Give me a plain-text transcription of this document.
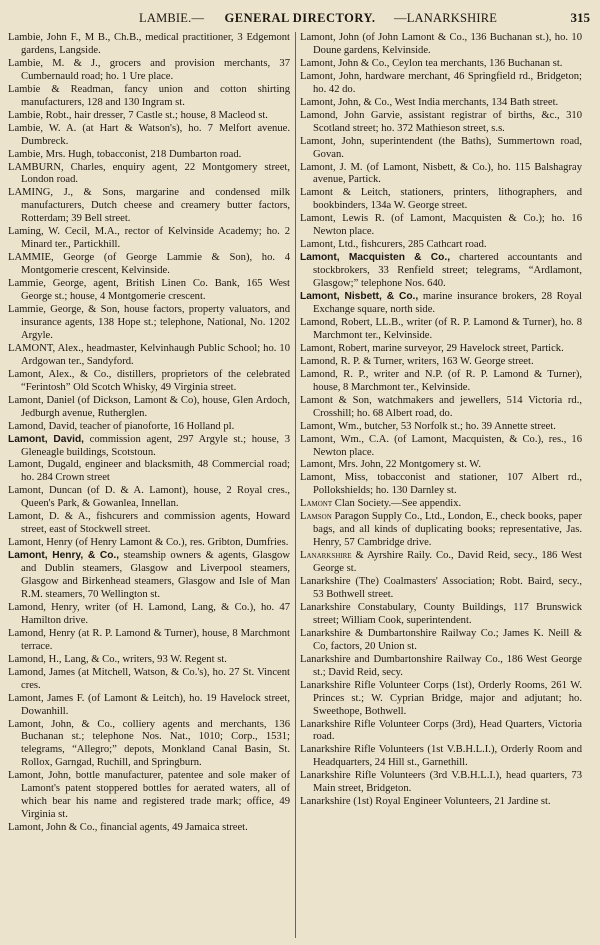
LAMBIE.—	GENERAL DIRECTORY.	—LANARKSHIRE	315

Lambie, John F., M B., Ch.B., medical practitioner, 3 Edgemont gardens, Langside.

Lambie, M. & J., grocers and provision merchants, 37 Cumbernauld road; ho. 1 Ure place.

Lambie & Readman, fancy union and cotton shirting manufacturers, 128 and 130 Ingram st.

Lambie, Robt., hair dresser, 7 Castle st.; house, 8 Macleod st.

Lambie, W. A. (at Hart & Watson's), ho. 7 Melfort avenue. Dumbreck.

Lambie, Mrs. Hugh, tobacconist, 218 Dumbarton road.

LAMBURN, Charles, enquiry agent, 22 Montgomery street, London road.

LAMING, J., & Sons, margarine and condensed milk manufacturers, Dutch cheese and creamery butter factors, Rotterdam; 39 Bell street.

Laming, W. Cecil, M.A., rector of Kelvinside Academy; ho. 2 Minard ter., Partickhill.

LAMMIE, George (of George Lammie & Son), ho. 4 Montgomerie crescent, Kelvinside.

Lammie, George, agent, British Linen Co. Bank, 165 West George st.; house, 4 Montgomerie crescent.

Lammie, George, & Son, house factors, property valuators, and insurance agents, 138 Hope st.; telephone, National, No. 1202 Argyle.

LAMONT, Alex., headmaster, Kelvinhaugh Public School; ho. 10 Ardgowan ter., Sandyford.

Lamont, Alex., & Co., distillers, proprietors of the celebrated “Ferintosh” Old Scotch Whisky, 49 Virginia street.

Lamont, Daniel (of Dickson, Lamont & Co), house, Glen Ardoch, Jedburgh avenue, Rutherglen.

Lamond, David, teacher of pianoforte, 16 Holland pl.

Lamont, David, commission agent, 297 Argyle st.; house, 3 Gleneagle buildings, Scotstoun.

Lamont, Dugald, engineer and blacksmith, 48 Commercial road; ho. 284 Crown street

Lamont, Duncan (of D. & A. Lamont), house, 2 Royal cres., Queen's Park, & Gowanlea, Innellan.

Lamont, D. & A., fishcurers and commission agents, Howard street, east of Stockwell street.

Lamont, Henry (of Henry Lamont & Co.), res. Gribton, Dumfries.

Lamont, Henry, & Co., steamship owners & agents, Glasgow and Dublin steamers, Glasgow and Liverpool steamers, Glasgow and Birkenhead steamers, Glasgow and Isle of Man R.M. steamers, 70 Wellington st.

Lamond, Henry, writer (of H. Lamond, Lang, & Co.), ho. 47 Hamilton drive.

Lamond, Henry (at R. P. Lamond & Turner), house, 8 Marchmont terrace.

Lamond, H., Lang, & Co., writers, 93 W. Regent st.

Lamond, James (at Mitchell, Watson, & Co.'s), ho. 27 St. Vincent cres.

Lamont, James F. (of Lamont & Leitch), ho. 19 Havelock street, Dowanhill.

Lamont, John, & Co., colliery agents and merchants, 136 Buchanan st.; telephone Nos. Nat., 1010; Corp., 1531; telegrams, “Allegro;” depots, Monkland Canal Basin, St. Rollox, Garngad, Ruchill, and Springburn.

Lamont, John, bottle manufacturer, patentee and sole maker of Lamont's patent stoppered bottles for aerated waters, all of which bear his name and registered trade mark; office, 49 Virginia st.

Lamont, John & Co., financial agents, 49 Jamaica street.

Lamont, John (of John Lamont & Co., 136 Buchanan st.), ho. 10 Doune gardens, Kelvinside.

Lamont, John & Co., Ceylon tea merchants, 136 Buchanan st.

Lamont, John, hardware merchant, 46 Springfield rd., Bridgeton; ho. 42 do.

Lamont, John, & Co., West India merchants, 134 Bath street.

Lamond, John Garvie, assistant registrar of births, &c., 310 Scotland street; ho. 372 Mathieson street, s.s.

Lamont, John, superintendent (the Baths), Summertown road, Govan.

Lamont, J. M. (of Lamont, Nisbett, & Co.), ho. 115 Balshagray avenue, Partick.

Lamont & Leitch, stationers, printers, lithographers, and bookbinders, 134a W. George street.

Lamont, Lewis R. (of Lamont, Macquisten & Co.); ho. 16 Newton place.

Lamont, Ltd., fishcurers, 285 Cathcart road.

Lamont, Macquisten & Co., chartered accountants and stockbrokers, 33 Renfield street; telegrams, “Ardlamont, Glasgow;” telephone Nos. 640.

Lamont, Nisbett, & Co., marine insurance brokers, 28 Royal Exchange square, north side.

Lamond, Robert, LL.B., writer (of R. P. Lamond & Turner), ho. 8 Marchmont ter., Kelvinside.

Lamont, Robert, marine surveyor, 29 Havelock street, Partick.

Lamond, R. P. & Turner, writers, 163 W. George street.

Lamond, R. P., writer and N.P. (of R. P. Lamond & Turner), house, 8 Marchmont ter., Kelvinside.

Lamont & Son, watchmakers and jewellers, 514 Victoria rd., Crosshill; ho. 68 Albert road, do.

Lamont, Wm., butcher, 53 Norfolk st.; ho. 39 Annette street.

Lamont, Wm., C.A. (of Lamont, Macquisten, & Co.), res., 16 Newton place.

Lamont, Mrs. John, 22 Montgomery st. W.

Lamont, Miss, tobacconist and stationer, 107 Albert rd., Pollokshields; ho. 130 Darnley st.

Lamont Clan Society.—See appendix.

Lamson Paragon Supply Co., Ltd., London, E., check books, paper bags, and all kinds of duplicating books; representative, Jas. Henry, 57 Cambridge drive.

Lanarkshire & Ayrshire Raily. Co., David Reid, secy., 186 West George st.

Lanarkshire (The) Coalmasters' Association; Robt. Baird, secy., 53 Bothwell street.

Lanarkshire Constabulary, County Buildings, 117 Brunswick street; William Cook, superintendent.

Lanarkshire & Dumbartonshire Railway Co.; James K. Neill & Co, factors, 20 Union st.

Lanarkshire and Dumbartonshire Railway Co., 186 West George st.; David Reid, secy.

Lanarkshire Rifle Volunteer Corps (1st), Orderly Rooms, 261 W. Princes st.; W. Cyprian Bridge, major and adjutant; ho. Sweethope, Bothwell.

Lanarkshire Rifle Volunteer Corps (3rd), Head Quarters, Victoria road.

Lanarkshire Rifle Volunteers (1st V.B.H.L.I.), Orderly Room and Headquarters, 24 Hill st., Garnethill.

Lanarkshire Rifle Volunteers (3rd V.B.H.L.I.), head quarters, 73 Main street, Bridgeton.

Lanarkshire (1st) Royal Engineer Volunteers, 21 Jardine st.
